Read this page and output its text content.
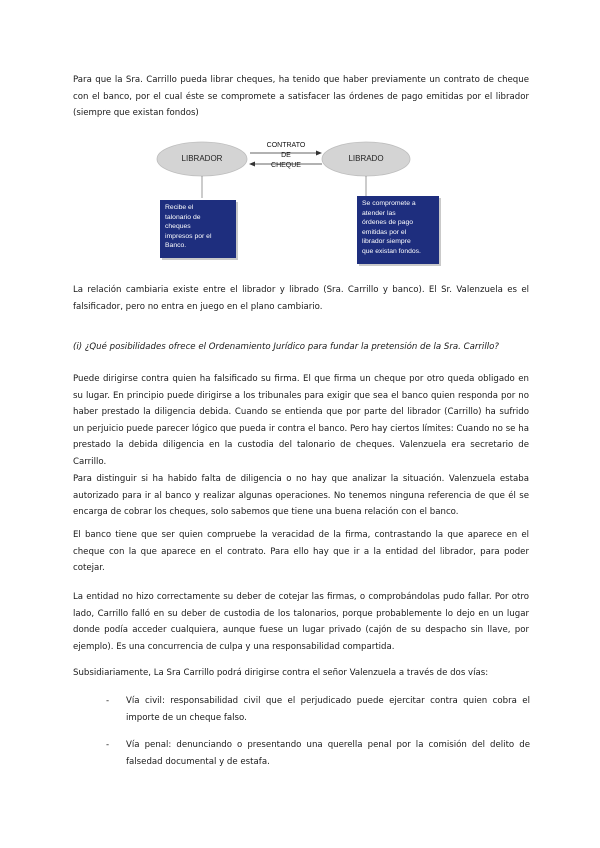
Para que la Sra. Carrillo pueda librar cheques, ha tenido que haber previamente un contrato de cheque con el banco, por el cual éste se compromete a satisfacer las órdenes de pago emitidas por el librador (siempre que existan fondos)

LIBRADOR	LIBRADO
CONTRATO
DE
CHEQUE
Recibe el
talonario de
cheques
impresos por el
Banco.
Se compromete a
atender las
órdenes de pago
emitidas por el
librador siempre
que existan fondos.

La relación cambiaria existe entre el librador y librado (Sra. Carrillo y banco). El Sr. Valenzuela es el falsificador, pero no entra en juego en el plano cambiario.

(i) ¿Qué posibilidades ofrece el Ordenamiento Jurídico para fundar la pretensión de la Sra. Carrillo?

Puede dirigirse contra quien ha falsificado su firma. El que firma un cheque por otro queda obligado en su lugar. En principio puede dirigirse a los tribunales para exigir que sea el banco quien responda por no haber prestado la diligencia debida. Cuando se entienda que por parte del librador (Carrillo) ha sufrido un perjuicio puede parecer lógico que pueda ir contra el banco. Pero hay ciertos límites: Cuando no se ha prestado la debida diligencia en la custodia del talonario de cheques. Valenzuela era secretario de Carrillo.

Para distinguir si ha habido falta de diligencia o no hay que analizar la situación. Valenzuela estaba autorizado para ir al banco y realizar algunas operaciones. No tenemos ninguna referencia de que él se encarga de cobrar los cheques, solo sabemos que tiene una buena relación con el banco.

El banco tiene que ser quien compruebe la veracidad de la firma, contrastando la que aparece en el cheque con la que aparece en el contrato. Para ello hay que ir a la entidad del librador, para poder cotejar.

La entidad no hizo correctamente su deber de cotejar las firmas, o comprobándolas pudo fallar. Por otro lado, Carrillo falló en su deber de custodia de los talonarios, porque probablemente lo dejo en un lugar donde podía acceder cualquiera, aunque fuese un lugar privado (cajón de su despacho sin llave, por ejemplo). Es una concurrencia de culpa y una responsabilidad compartida.

Subsidiariamente, La Sra Carrillo podrá dirigirse contra el señor Valenzuela a través de dos vías:

- Vía civil: responsabilidad civil que el perjudicado puede ejercitar contra quien cobra el importe de un cheque falso.
- Vía penal: denunciando o presentando una querella penal por la comisión del delito de falsedad documental y de estafa.
